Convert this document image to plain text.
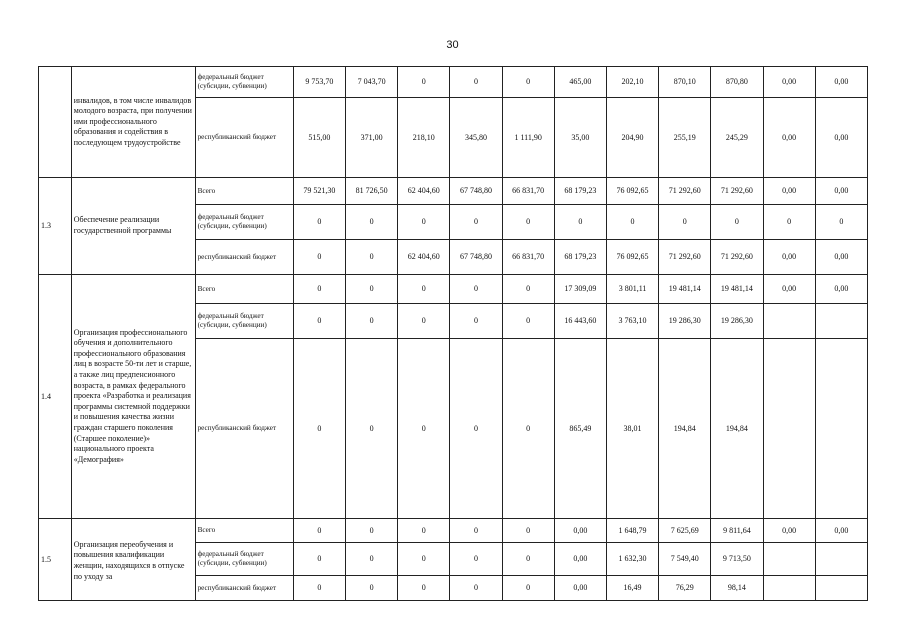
30
	инвалидов, в том числе инвалидов молодого возраста, при получении ими профессионального образования и содействия в последующем трудоустройстве	федеральный бюджет (субсидии, субвенции)	9 753,70	7 043,70	0	0	0	465,00	202,10	870,10	870,80	0,00	0,00
		республиканский бюджет	515,00	371,00	218,10	345,80	1 111,90	35,00	204,90	255,19	245,29	0,00	0,00
1.3	Обеспечение реализации государственной программы	Всего	79 521,30	81 726,50	62 404,60	67 748,80	66 831,70	68 179,23	76 092,65	71 292,60	71 292,60	0,00	0,00
		федеральный бюджет (субсидии, субвенции)	0	0	0	0	0	0	0	0	0	0	0
		республиканский бюджет	0	0	62 404,60	67 748,80	66 831,70	68 179,23	76 092,65	71 292,60	71 292,60	0,00	0,00
1.4	Организация профессионального обучения и дополнительного профессионального образования лиц в возрасте 50-ти лет и старше, а также лиц предпенсионного возраста, в рамках федерального проекта «Разработка и реализация программы системной поддержки и повышения качества жизни граждан старшего поколения (Старшее поколение)» национального проекта «Демография»	Всего	0	0	0	0	0	17 309,09	3 801,11	19 481,14	19 481,14	0,00	0,00
		федеральный бюджет (субсидии, субвенции)	0	0	0	0	0	16 443,60	3 763,10	19 286,30	19 286,30		
		республиканский бюджет	0	0	0	0	0	865,49	38,01	194,84	194,84		
1.5	Организация переобучения и повышения квалификации женщин, находящихся в отпуске по уходу за	Всего	0	0	0	0	0	0,00	1 648,79	7 625,69	9 811,64	0,00	0,00
		федеральный бюджет (субсидии, субвенции)	0	0	0	0	0	0,00	1 632,30	7 549,40	9 713,50		
		республиканский бюджет	0	0	0	0	0	0,00	16,49	76,29	98,14		
